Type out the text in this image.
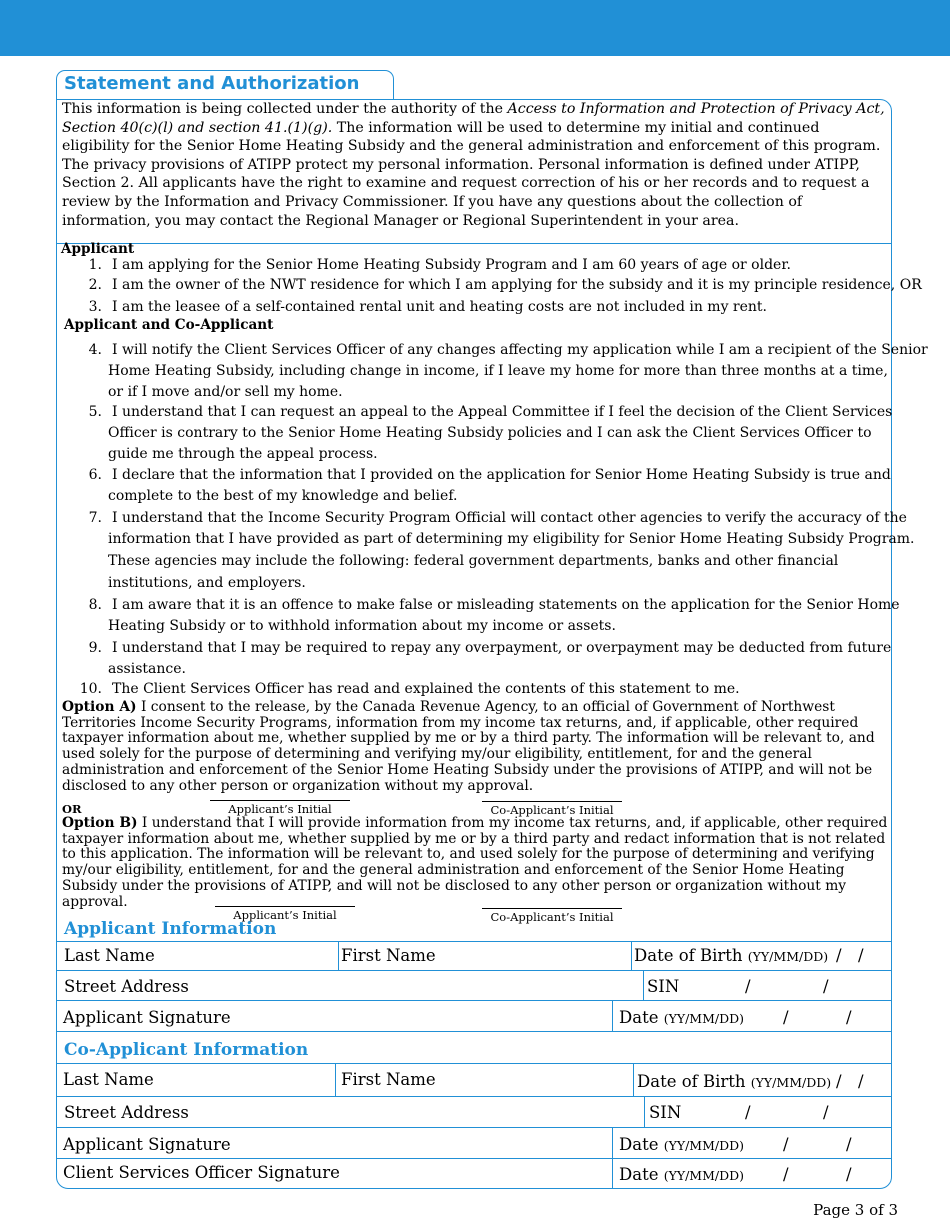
Statement and Authorization
This information is being collected under the authority of the Access to Information and Protection of Privacy Act, Section 40(c)(l) and section 41.(1)(g). The information will be used to determine my initial and continued eligibility for the Senior Home Heating Subsidy and the general administration and enforcement of this program. The privacy provisions of ATIPP protect my personal information. Personal information is defined under ATIPP, Section 2. All applicants have the right to examine and request correction of his or her records and to request a review by the Information and Privacy Commissioner. If you have any questions about the collection of information, you may contact the Regional Manager or Regional Superintendent in your area.
Applicant
1. I am applying for the Senior Home Heating Subsidy Program and I am 60 years of age or older.
2. I am the owner of the NWT residence for which I am applying for the subsidy and it is my principle residence, OR
3. I am the leasee of a self-contained rental unit and heating costs are not included in my rent.
Applicant and Co-Applicant
4. I will notify the Client Services Officer of any changes affecting my application while I am a recipient of the Senior
Home Heating Subsidy, including change in income, if I leave my home for more than three months at a time,
or if I move and/or sell my home.
5. I understand that I can request an appeal to the Appeal Committee if I feel the decision of the Client Services
Officer is contrary to the Senior Home Heating Subsidy policies and I can ask the Client Services Officer to
guide me through the appeal process.
6. I declare that the information that I provided on the application for Senior Home Heating Subsidy is true and
complete to the best of my knowledge and belief.
7. I understand that the Income Security Program Official will contact other agencies to verify the accuracy of the
information that I have provided as part of determining my eligibility for Senior Home Heating Subsidy Program.
These agencies may include the following: federal government departments, banks and other financial
institutions, and employers.
8. I am aware that it is an offence to make false or misleading statements on the application for the Senior Home
Heating Subsidy or to withhold information about my income or assets.
9. I understand that I may be required to repay any overpayment, or overpayment may be deducted from future
assistance.
10. The Client Services Officer has read and explained the contents of this statement to me.
Option A) I consent to the release, by the Canada Revenue Agency, to an official of Government of Northwest Territories Income Security Programs, information from my income tax returns, and, if applicable, other required taxpayer information about me, whether supplied by me or by a third party. The information will be relevant to, and used solely for the purpose of determining and verifying my/our eligibility, entitlement, for and the general administration and enforcement of the Senior Home Heating Subsidy under the provisions of ATIPP, and will not be disclosed to any other person or organization without my approval.
OR	Applicant’s Initial	Co-Applicant’s Initial
Option B) I understand that I will provide information from my income tax returns, and, if applicable, other required taxpayer information about me, whether supplied by me or by a third party and redact information that is not related to this application. The information will be relevant to, and used solely for the purpose of determining and verifying my/our eligibility, entitlement, for and the general administration and enforcement of the Senior Home Heating Subsidy under the provisions of ATIPP, and will not be disclosed to any other person or organization without my approval.
Applicant’s Initial	Co-Applicant’s Initial
Applicant Information
Last Name	First Name	Date of Birth (YY/MM/DD) / /
Street Address	SIN	/	/
Applicant Signature	Date (YY/MM/DD) /	/
Co-Applicant Information
Last Name	First Name	Date of Birth (YY/MM/DD) / /
Street Address	SIN	/	/
Applicant Signature	Date (YY/MM/DD) /	/
Client Services Officer Signature	Date (YY/MM/DD) /	/
Page 3 of 3
